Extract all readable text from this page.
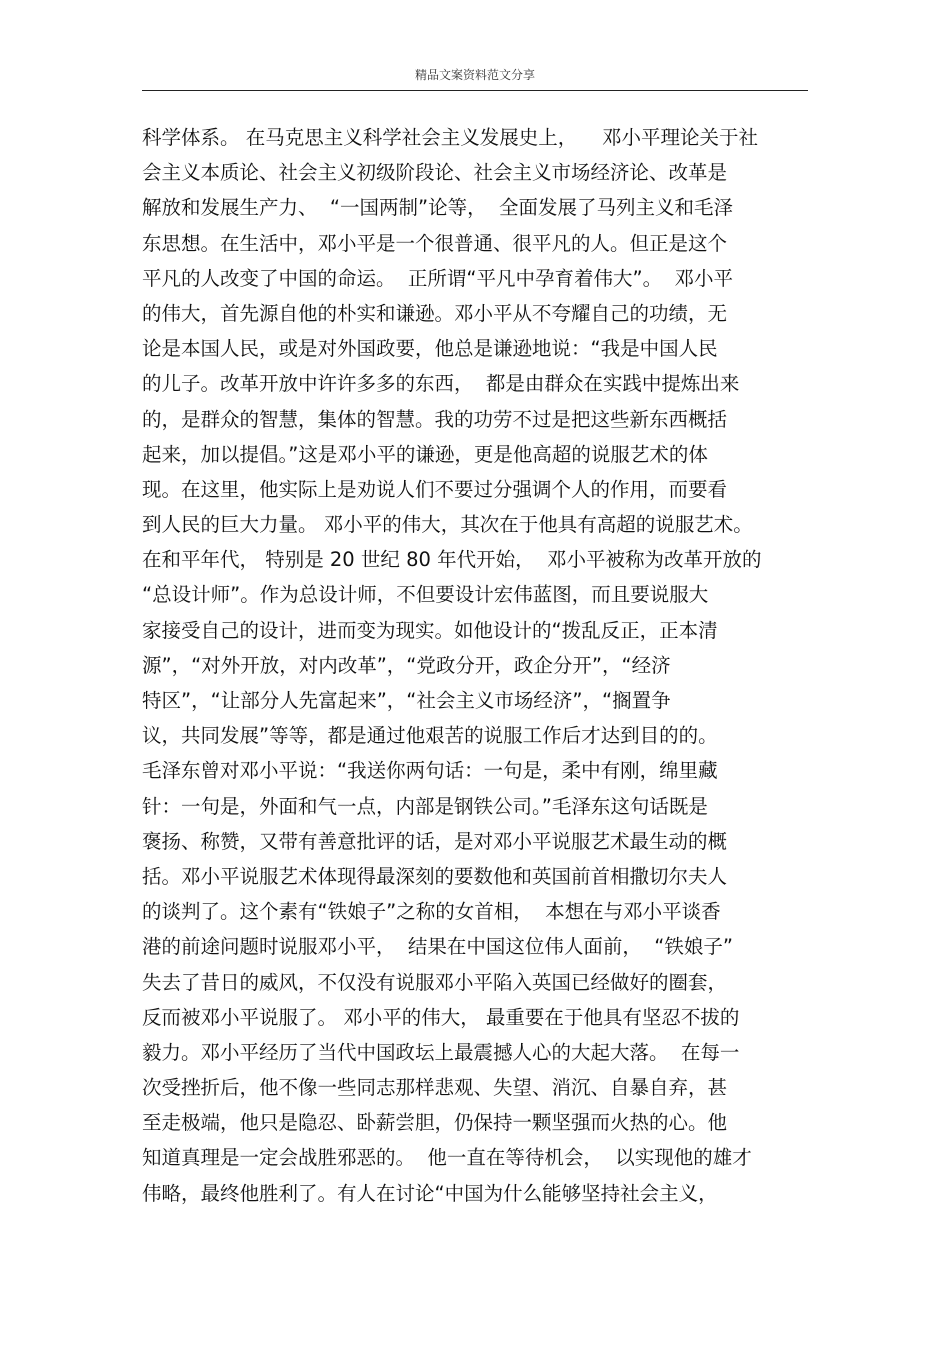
精品文案资料范文分享
科学体系。 在马克思主义科学社会主义发展史上，    邓小平理论关于社
会主义本质论、社会主义初级阶段论、社会主义市场经济论、改革是
解放和发展生产力、  “一国两制”论等，  全面发展了马列主义和毛泽
东思想。在生活中，邓小平是一个很普通、很平凡的人。但正是这个
平凡的人改变了中国的命运。  正所谓“平凡中孕育着伟大”。  邓小平
的伟大，首先源自他的朴实和谦逊。邓小平从不夸耀自己的功绩，无
论是本国人民，或是对外国政要，他总是谦逊地说：“我是中国人民
的儿子。改革开放中许许多多的东西，  都是由群众在实践中提炼出来
的，是群众的智慧，集体的智慧。我的功劳不过是把这些新东西概括
起来，加以提倡。”这是邓小平的谦逊，更是他高超的说服艺术的体
现。在这里，他实际上是劝说人们不要过分强调个人的作用，而要看
到人民的巨大力量。 邓小平的伟大，其次在于他具有高超的说服艺术。
在和平年代， 特别是 20 世纪 80 年代开始，  邓小平被称为改革开放的
“总设计师”。作为总设计师，不但要设计宏伟蓝图，而且要说服大
家接受自己的设计，进而变为现实。如他设计的“拨乱反正，正本清
源”，“对外开放，对内改革”，“党政分开，政企分开”，“经济
特区”，“让部分人先富起来”，“社会主义市场经济”，“搁置争
议，共同发展”等等，都是通过他艰苦的说服工作后才达到目的的。
毛泽东曾对邓小平说：“我送你两句话：一句是，柔中有刚，绵里藏
针：一句是，外面和气一点，内部是钢铁公司。”毛泽东这句话既是
褒扬、称赞，又带有善意批评的话，是对邓小平说服艺术最生动的概
括。邓小平说服艺术体现得最深刻的要数他和英国前首相撒切尔夫人
的谈判了。这个素有“铁娘子”之称的女首相，  本想在与邓小平谈香
港的前途问题时说服邓小平，  结果在中国这位伟人面前，  “铁娘子”
失去了昔日的威风，不仅没有说服邓小平陷入英国已经做好的圈套，
反而被邓小平说服了。 邓小平的伟大， 最重要在于他具有坚忍不拔的
毅力。邓小平经历了当代中国政坛上最震撼人心的大起大落。  在每一
次受挫折后，他不像一些同志那样悲观、失望、消沉、自暴自弃，甚
至走极端，他只是隐忍、卧薪尝胆，仍保持一颗坚强而火热的心。他
知道真理是一定会战胜邪恶的。  他一直在等待机会，  以实现他的雄才
伟略，最终他胜利了。有人在讨论“中国为什么能够坚持社会主义，
